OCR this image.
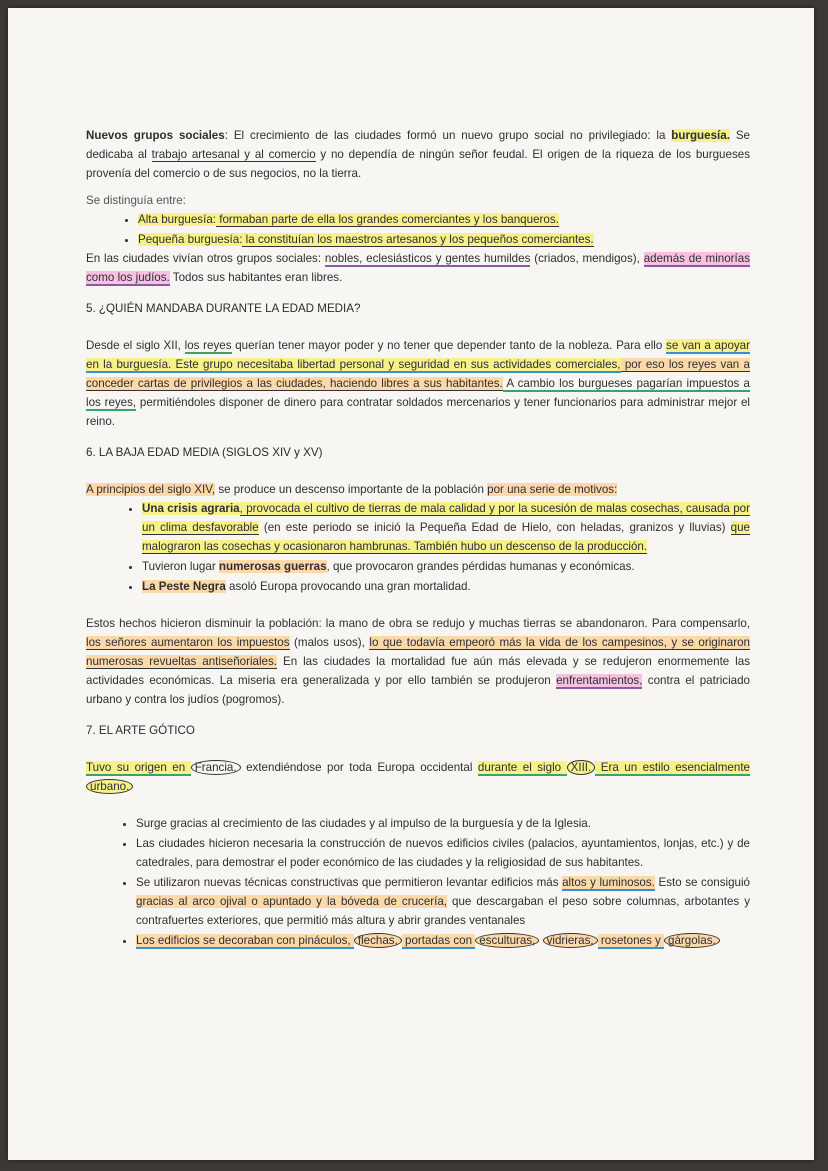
Nuevos grupos sociales: El crecimiento de las ciudades formó un nuevo grupo social no privilegiado: la burguesía. Se dedicaba al trabajo artesanal y al comercio y no dependía de ningún señor feudal. El origen de la riqueza de los burgueses provenía del comercio o de sus negocios, no la tierra.

Se distinguía entre:

• Alta burguesía: formaban parte de ella los grandes comerciantes y los banqueros.
• Pequeña burguesía: la constituían los maestros artesanos y los pequeños comerciantes.

En las ciudades vivían otros grupos sociales: nobles, eclesiásticos y gentes humildes (criados, mendigos), además de minorías como los judíos. Todos sus habitantes eran libres.

5. ¿QUIÉN MANDABA DURANTE LA EDAD MEDIA?

Desde el siglo XII, los reyes querían tener mayor poder y no tener que depender tanto de la nobleza. Para ello se van a apoyar en la burguesía. Este grupo necesitaba libertad personal y seguridad en sus actividades comerciales, por eso los reyes van a conceder cartas de privilegios a las ciudades, haciendo libres a sus habitantes. A cambio los burgueses pagarían impuestos a los reyes, permitiéndoles disponer de dinero para contratar soldados mercenarios y tener funcionarios para administrar mejor el reino.

6. LA BAJA EDAD MEDIA (SIGLOS XIV y XV)

A principios del siglo XIV, se produce un descenso importante de la población por una serie de motivos:

• Una crisis agraria, provocada el cultivo de tierras de mala calidad y por la sucesión de malas cosechas, causada por un clima desfavorable (en este periodo se inició la Pequeña Edad de Hielo, con heladas, granizos y lluvias) que malograron las cosechas y ocasionaron hambrunas. También hubo un descenso de la producción.
• Tuvieron lugar numerosas guerras, que provocaron grandes pérdidas humanas y económicas.
• La Peste Negra asoló Europa provocando una gran mortalidad.

Estos hechos hicieron disminuir la población: la mano de obra se redujo y muchas tierras se abandonaron. Para compensarlo, los señores aumentaron los impuestos (malos usos), lo que todavía empeoró más la vida de los campesinos, y se originaron numerosas revueltas antiseñoriales. En las ciudades la mortalidad fue aún más elevada y se redujeron enormemente las actividades económicas. La miseria era generalizada y por ello también se produjeron enfrentamientos, contra el patriciado urbano y contra los judíos (pogromos).

7. EL ARTE GÓTICO

Tuvo su origen en Francia, extendiéndose por toda Europa occidental durante el siglo XIII. Era un estilo esencialmente urbano.

• Surge gracias al crecimiento de las ciudades y al impulso de la burguesía y de la Iglesia.
• Las ciudades hicieron necesaria la construcción de nuevos edificios civiles (palacios, ayuntamientos, lonjas, etc.) y de catedrales, para demostrar el poder económico de las ciudades y la religiosidad de sus habitantes.
• Se utilizaron nuevas técnicas constructivas que permitieron levantar edificios más altos y luminosos. Esto se consiguió gracias al arco ojival o apuntado y la bóveda de crucería, que descargaban el peso sobre columnas, arbotantes y contrafuertes exteriores, que permitió más altura y abrir grandes ventanales
• Los edificios se decoraban con pináculos, flechas, portadas con esculturas, vidrieras, rosetones y gárgolas.
